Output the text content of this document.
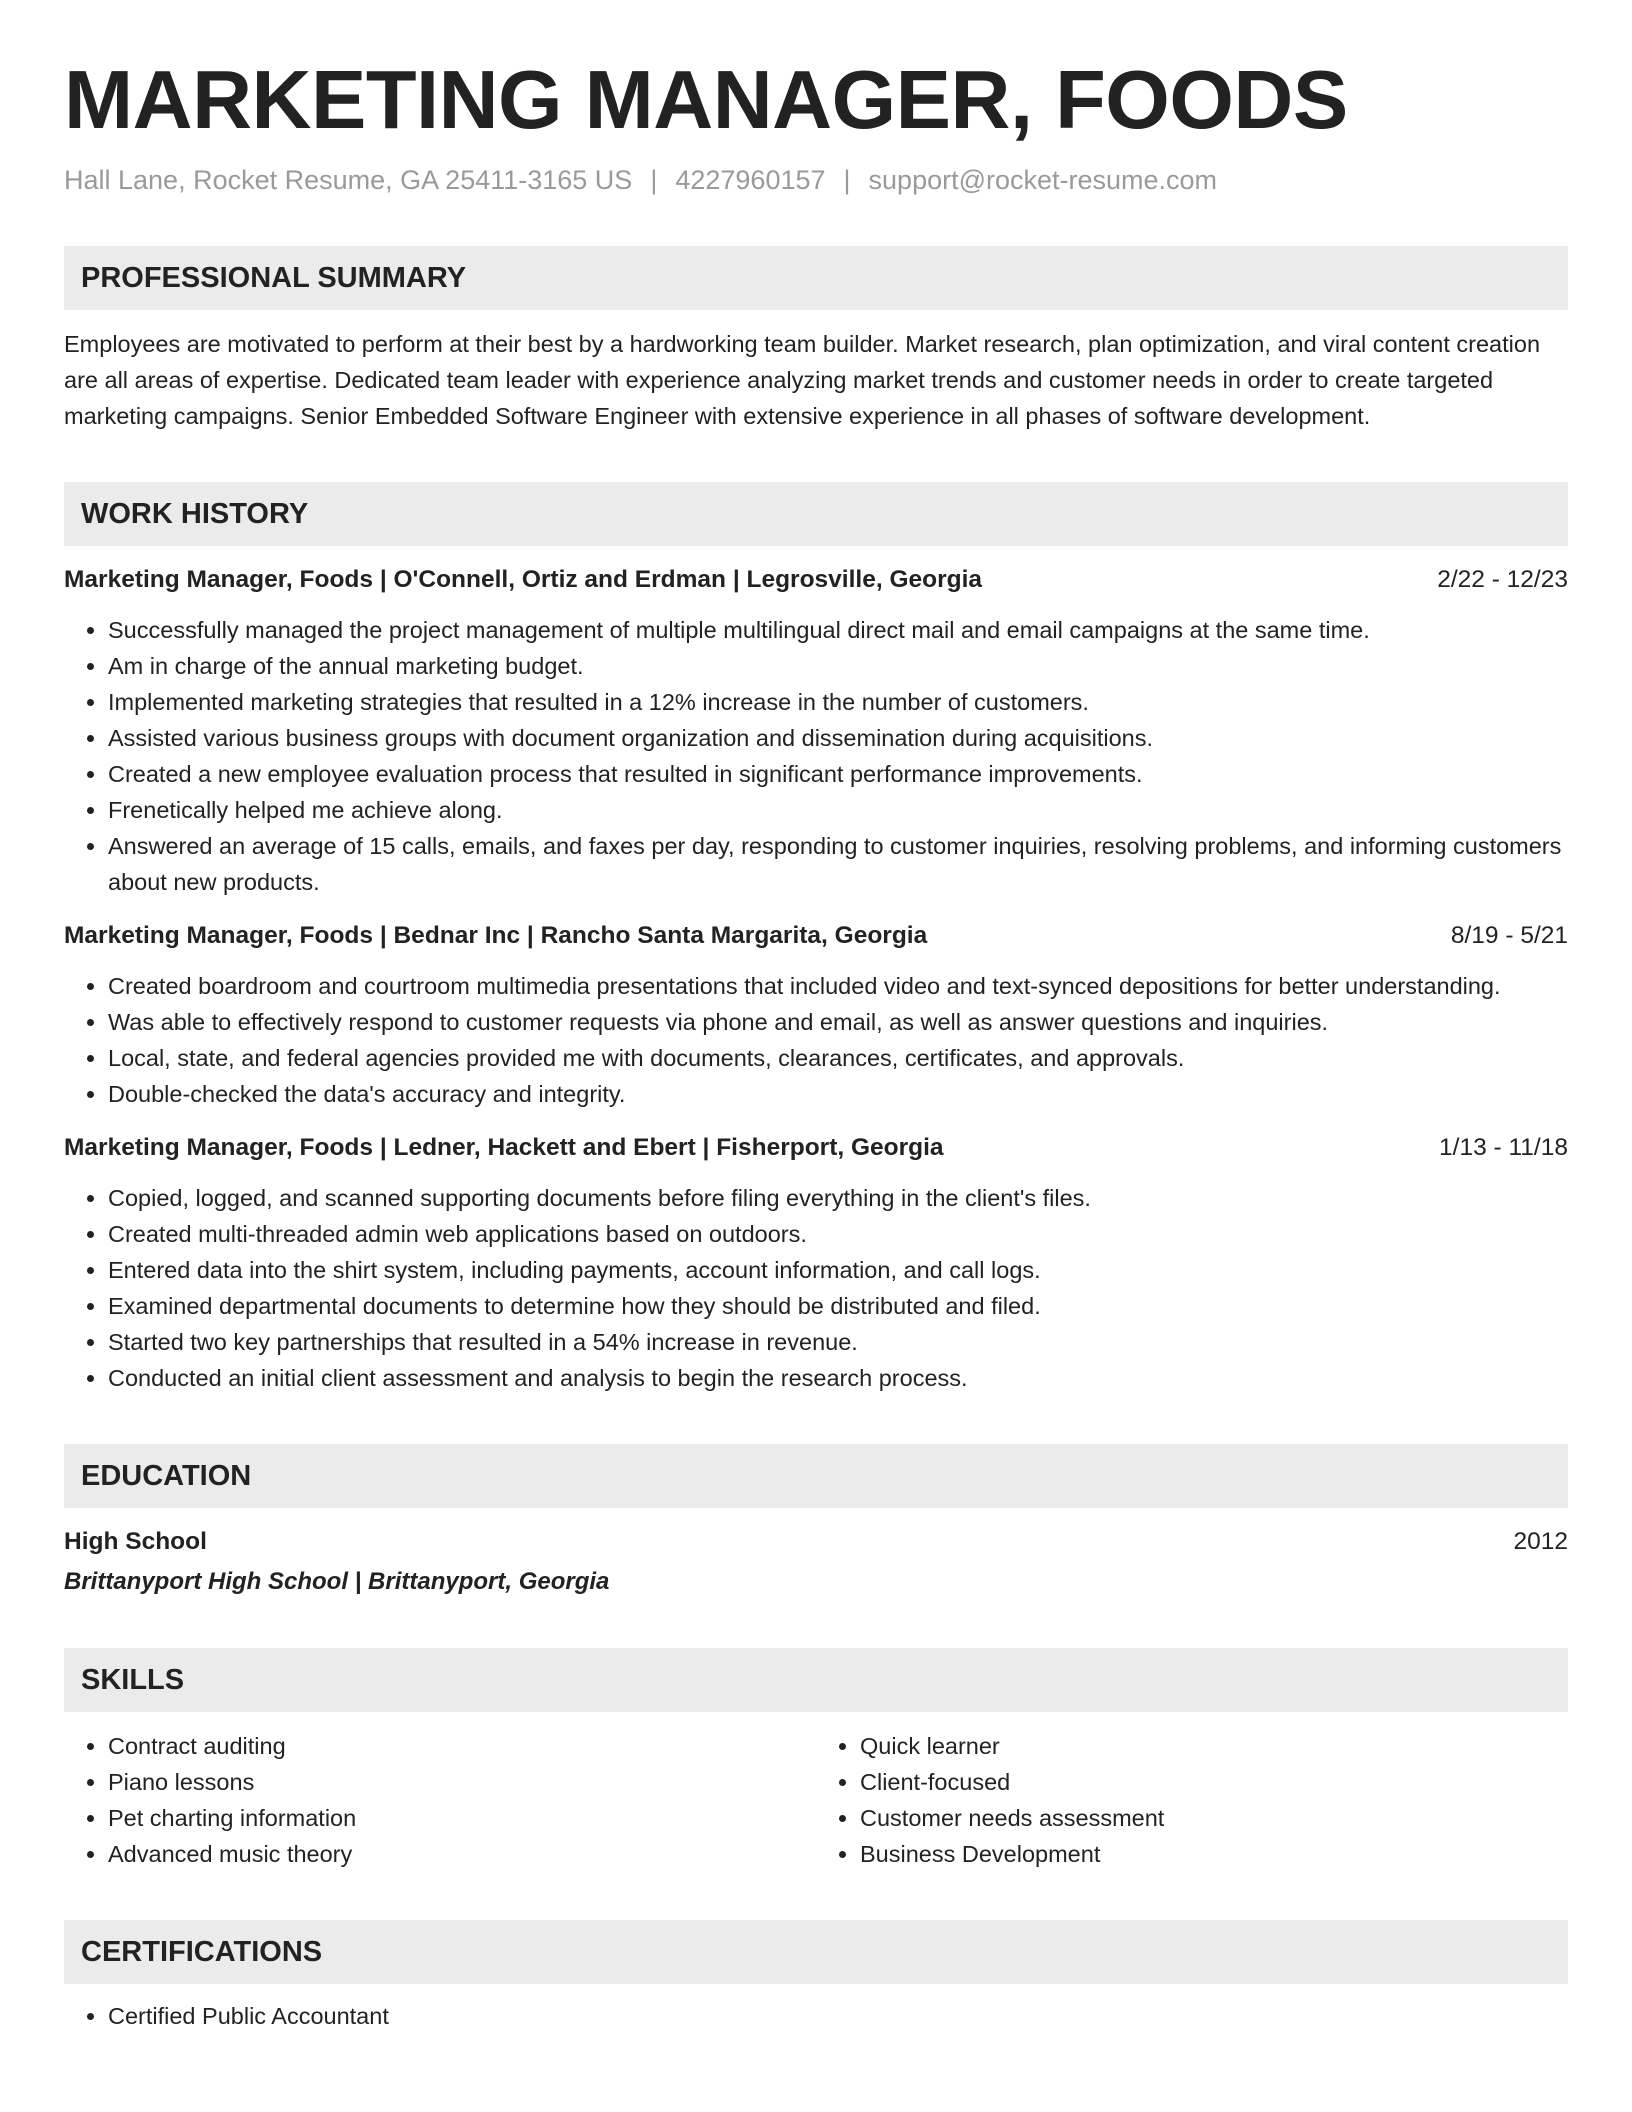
MARKETING MANAGER, FOODS
Hall Lane, Rocket Resume, GA 25411-3165 US | 4227960157 | support@rocket-resume.com
PROFESSIONAL SUMMARY
Employees are motivated to perform at their best by a hardworking team builder. Market research, plan optimization, and viral content creation are all areas of expertise. Dedicated team leader with experience analyzing market trends and customer needs in order to create targeted marketing campaigns. Senior Embedded Software Engineer with extensive experience in all phases of software development.
WORK HISTORY
Marketing Manager, Foods | O'Connell, Ortiz and Erdman | Legrosville, Georgia	2/22 - 12/23
• Successfully managed the project management of multiple multilingual direct mail and email campaigns at the same time.
• Am in charge of the annual marketing budget.
• Implemented marketing strategies that resulted in a 12% increase in the number of customers.
• Assisted various business groups with document organization and dissemination during acquisitions.
• Created a new employee evaluation process that resulted in significant performance improvements.
• Frenetically helped me achieve along.
• Answered an average of 15 calls, emails, and faxes per day, responding to customer inquiries, resolving problems, and informing customers about new products.
Marketing Manager, Foods | Bednar Inc | Rancho Santa Margarita, Georgia	8/19 - 5/21
• Created boardroom and courtroom multimedia presentations that included video and text-synced depositions for better understanding.
• Was able to effectively respond to customer requests via phone and email, as well as answer questions and inquiries.
• Local, state, and federal agencies provided me with documents, clearances, certificates, and approvals.
• Double-checked the data's accuracy and integrity.
Marketing Manager, Foods | Ledner, Hackett and Ebert | Fisherport, Georgia	1/13 - 11/18
• Copied, logged, and scanned supporting documents before filing everything in the client's files.
• Created multi-threaded admin web applications based on outdoors.
• Entered data into the shirt system, including payments, account information, and call logs.
• Examined departmental documents to determine how they should be distributed and filed.
• Started two key partnerships that resulted in a 54% increase in revenue.
• Conducted an initial client assessment and analysis to begin the research process.
EDUCATION
High School	2012
Brittanyport High School | Brittanyport, Georgia
SKILLS
• Contract auditing
• Piano lessons
• Pet charting information
• Advanced music theory
• Quick learner
• Client-focused
• Customer needs assessment
• Business Development
CERTIFICATIONS
• Certified Public Accountant
